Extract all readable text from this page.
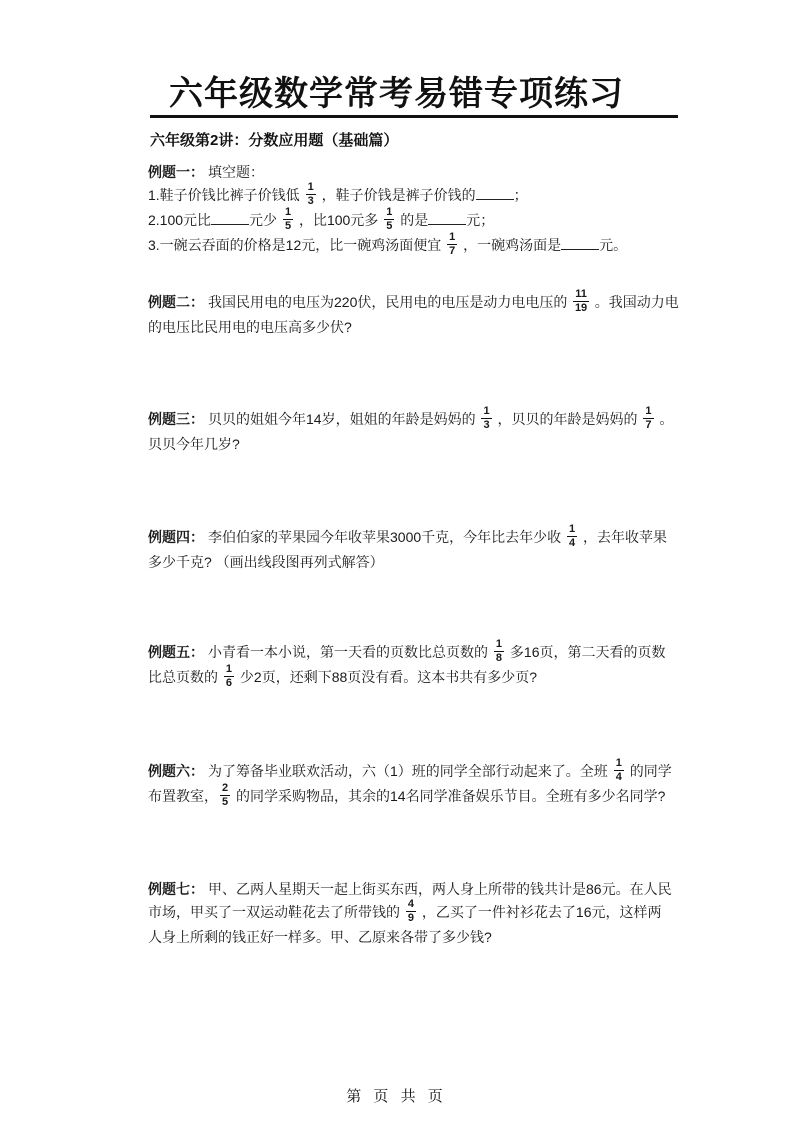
六年级数学常考易错专项练习
六年级第2讲：分数应用题（基础篇）
例题一： 填空题：
1.鞋子价钱比裤子价钱低 $\frac{1}{3}$ ，鞋子价钱是裤子价钱的	；
2.100元比	元少 $\frac{1}{5}$ ，比100元多 $\frac{1}{5}$ 的是	元；
3.一碗云吞面的价格是12元，比一碗鸡汤面便宜 $\frac{1}{7}$ ，一碗鸡汤面是	元。
例题二： 我国民用电的电压为220伏，民用电的电压是动力电电压的 $\frac{11}{19}$ 。我国动力电
的电压比民用电的电压高多少伏?
例题三： 贝贝的姐姐今年14岁，姐姐的年龄是妈妈的 $\frac{1}{3}$ ，贝贝的年龄是妈妈的 $\frac{1}{7}$ 。
贝贝今年几岁?
例题四： 李伯伯家的苹果园今年收苹果3000千克，今年比去年少收 $\frac{1}{4}$ ，去年收苹果
多少千克? （画出线段图再列式解答）
例题五： 小青看一本小说，第一天看的页数比总页数的 $\frac{1}{8}$ 多16页，第二天看的页数
比总页数的 $\frac{1}{6}$ 少2页，还剩下88页没有看。这本书共有多少页?
例题六： 为了筹备毕业联欢活动，六（1）班的同学全部行动起来了。全班 $\frac{1}{4}$ 的同学
布置教室， $\frac{2}{5}$ 的同学采购物品，其余的14名同学准备娱乐节目。全班有多少名同学?
例题七： 甲、乙两人星期天一起上街买东西，两人身上所带的钱共计是86元。在人民
市场，甲买了一双运动鞋花去了所带钱的 $\frac{4}{9}$ ，乙买了一件衬衫花去了16元，这样两
人身上所剩的钱正好一样多。甲、乙原来各带了多少钱?
第 页 共 页
